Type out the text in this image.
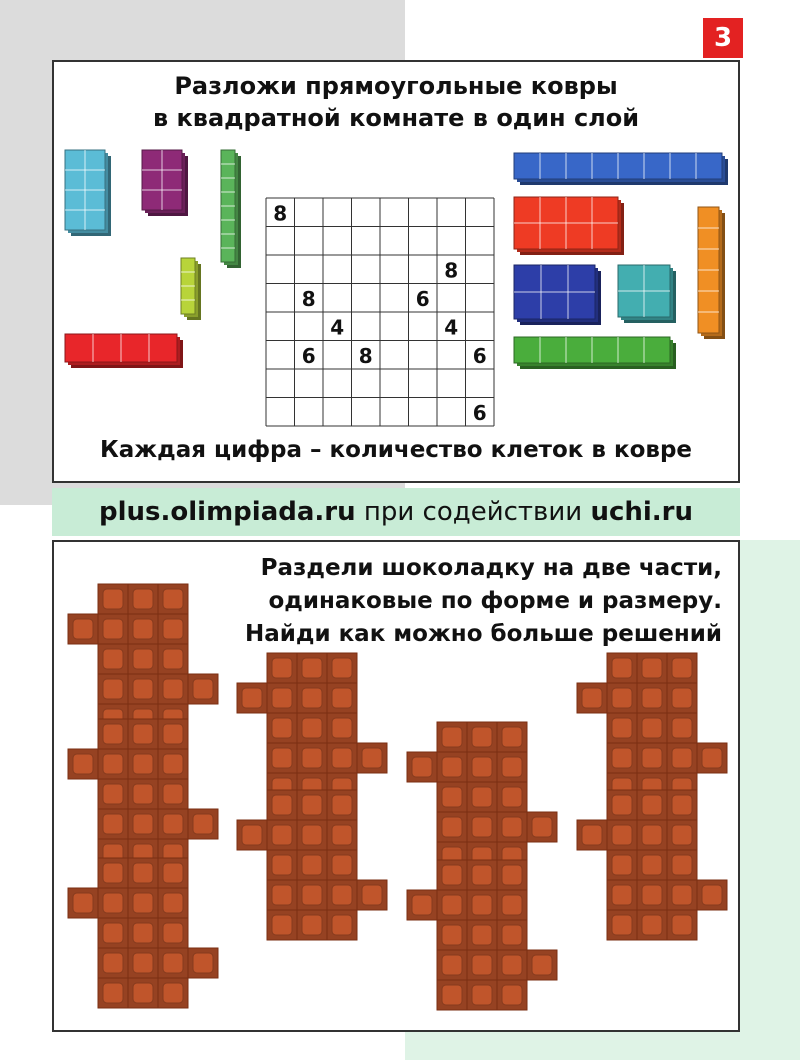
3
Разложи прямоугольные ковры
в квадратной комнате в один слой
8
8
8	6
4	4
6 8	6
6
Каждая цифра – количество клеток в ковре
plus.olimpiada.ru при содействии uchi.ru
Раздели шоколадку на две части,
одинаковые по форме и размеру.
Найди как можно больше решений
